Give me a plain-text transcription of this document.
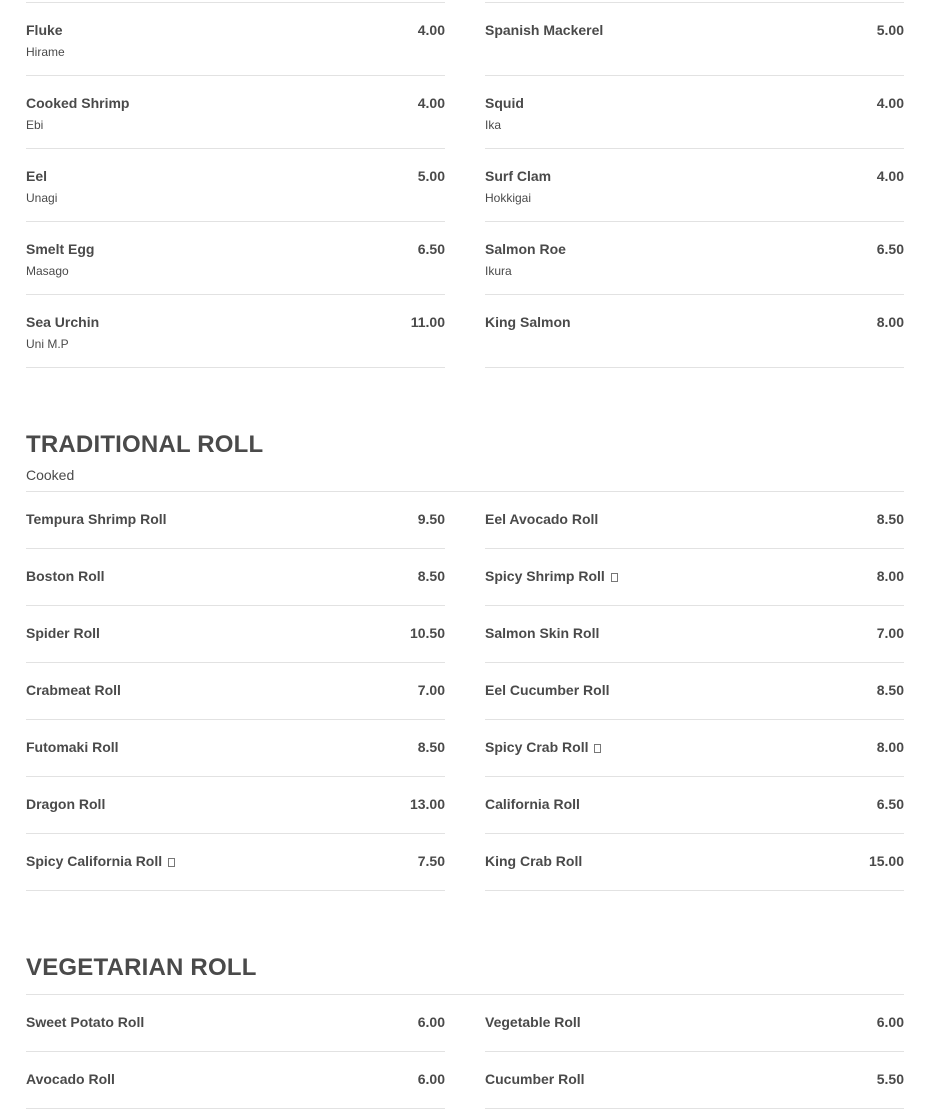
Fluke	4.00
Hirame
Cooked Shrimp	4.00
Ebi
Eel	5.00
Unagi
Smelt Egg	6.50
Masago
Sea Urchin	11.00
Uni M.P
Spanish Mackerel	5.00
Squid	4.00
Ika
Surf Clam	4.00
Hokkigai
Salmon Roe	6.50
Ikura
King Salmon	8.00
TRADITIONAL ROLL
Cooked
Tempura Shrimp Roll	9.50
Boston Roll	8.50
Spider Roll	10.50
Crabmeat Roll	7.00
Futomaki Roll	8.50
Dragon Roll	13.00
Spicy California Roll	7.50
Eel Avocado Roll	8.50
Spicy Shrimp Roll	8.00
Salmon Skin Roll	7.00
Eel Cucumber Roll	8.50
Spicy Crab Roll	8.00
California Roll	6.50
King Crab Roll	15.00
VEGETARIAN ROLL
Sweet Potato Roll	6.00
Avocado Roll	6.00
Vegetable Roll	6.00
Cucumber Roll	5.50
